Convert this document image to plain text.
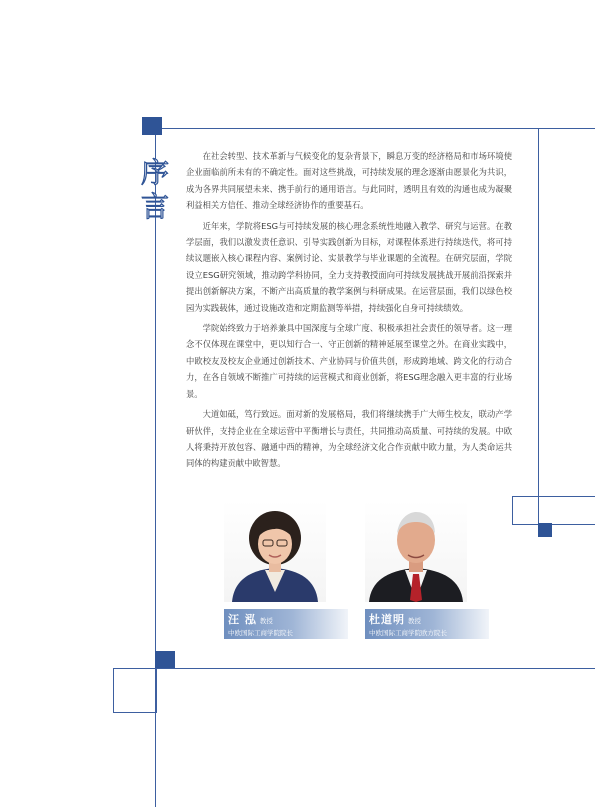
序
言

在社会转型、技术革新与气候变化的复杂背景下，瞬息万变的经济格局和市场环境使企业面临前所未有的不确定性。面对这些挑战，可持续发展的理念逐渐由愿景化为共识，成为各界共同展望未来、携手前行的通用语言。与此同时，透明且有效的沟通也成为凝聚利益相关方信任、推动全球经济协作的重要基石。

近年来，学院将ESG与可持续发展的核心理念系统性地融入教学、研究与运营。在教学层面，我们以激发责任意识、引导实践创新为目标，对课程体系进行持续迭代，将可持续议题嵌入核心课程内容、案例讨论、实景教学与毕业课题的全流程。在研究层面，学院设立ESG研究领域，推动跨学科协同，全力支持教授面向可持续发展挑战开展前沿探索并提出创新解决方案，不断产出高质量的教学案例与科研成果。在运营层面，我们以绿色校园为实践载体，通过设施改造和定期监测等举措，持续强化自身可持续绩效。

学院始终致力于培养兼具中国深度与全球广度、积极承担社会责任的领导者。这一理念不仅体现在课堂中，更以知行合一、守正创新的精神延展至课堂之外。在商业实践中，中欧校友及校友企业通过创新技术、产业协同与价值共创，形成跨地域、跨文化的行动合力，在各自领域不断推广可持续的运营模式和商业创新，将ESG理念融入更丰富的行业场景。

大道如砥，笃行致远。面对新的发展格局，我们将继续携手广大师生校友，联动产学研伙伴，支持企业在全球运营中平衡增长与责任，共同推动高质量、可持续的发展。中欧人将秉持开放包容、融通中西的精神，为全球经济文化合作贡献中欧力量，为人类命运共同体的构建贡献中欧智慧。

汪 泓 教授
中欧国际工商学院院长
杜道明 教授
中欧国际工商学院欧方院长
